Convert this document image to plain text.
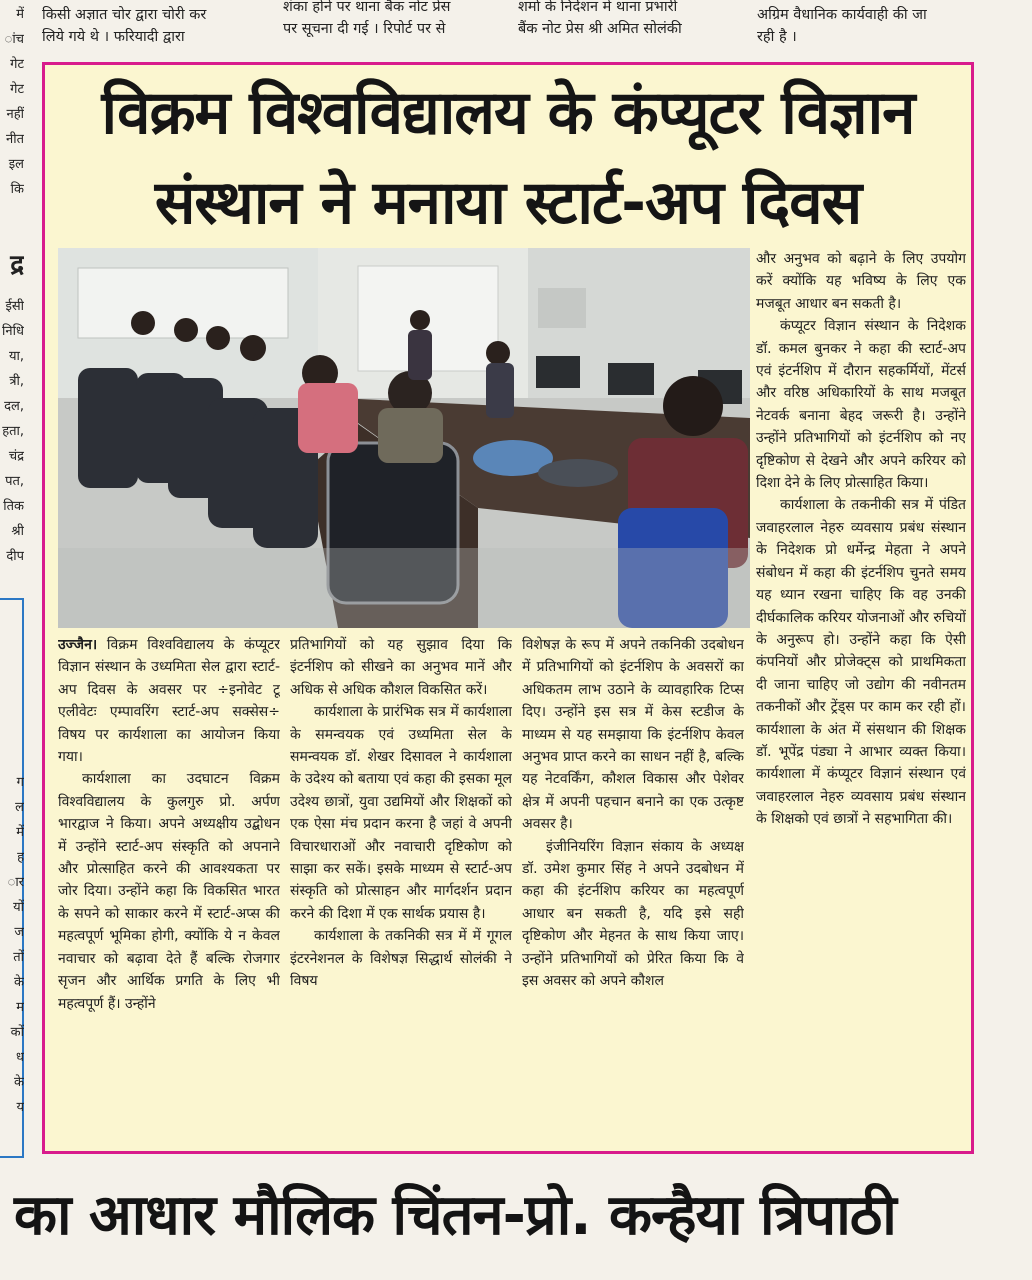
किसी अज्ञात चोर द्वारा चोरी कर
लिये गये थे । फरियादी द्वारा
शंका होने पर थाना बैंक नोट प्रेस
पर सूचना दी गई । रिपोर्ट पर से
शर्मा के निर्देशन में थाना प्रभारी
बैंक नोट प्रेस श्री अमित सोलंकी
अग्रिम वैधानिक कार्यवाही की जा
रही है ।
में
ांच
गेट
गेट
नहीं
नीत
इल
कि
द्र
ईसी
निधि
या,
त्री,
दल,
हता,
चंद्र
पत,
तिक
श्री
दीप
ग
ल
में
ह
ार
यों
ज
तों
के
म
कों
ध
के
य
विक्रम विश्वविद्यालय के कंप्यूटर विज्ञान
संस्थान ने मनाया स्टार्ट-अप दिवस

उज्जैन। विक्रम विश्वविद्यालय के कंप्यूटर विज्ञान संस्थान के उध्यमिता सेल द्वारा स्टार्ट-अप दिवस के अवसर पर ÷इनोवेट टू एलीवेटः एम्पावरिंग स्टार्ट-अप सक्सेस÷ विषय पर कार्यशाला का आयोजन किया गया।

कार्यशाला का उदघाटन विक्रम विश्वविद्यालय के कुलगुरु प्रो. अर्पण भारद्वाज ने किया। अपने अध्यक्षीय उद्बोधन में उन्होंने स्टार्ट-अप संस्कृति को अपनाने और प्रोत्साहित करने की आवश्यकता पर जोर दिया। उन्होंने कहा कि विकसित भारत के सपने को साकार करने में स्टार्ट-अप्स की महत्वपूर्ण भूमिका होगी, क्योंकि ये न केवल नवाचार को बढ़ावा देते हैं बल्कि रोजगार सृजन और आर्थिक प्रगति के लिए भी महत्वपूर्ण हैं। उन्होंने

प्रतिभागियों को यह सुझाव दिया कि इंटर्नशिप को सीखने का अनुभव मानें और अधिक से अधिक कौशल विकसित करें।

कार्यशाला के प्रारंभिक सत्र में कार्यशाला के समन्वयक एवं उध्यमिता सेल के समन्वयक डॉ. शेखर दिसावल ने कार्यशाला के उदेश्य को बताया एवं कहा की इसका मूल उदेश्य छात्रों, युवा उद्यमियों और शिक्षकों को एक ऐसा मंच प्रदान करना है जहां वे अपनी विचारधाराओं और नवाचारी दृष्टिकोण को साझा कर सकें। इसके माध्यम से स्टार्ट-अप संस्कृति को प्रोत्साहन और मार्गदर्शन प्रदान करने की दिशा में एक सार्थक प्रयास है।

कार्यशाला के तकनिकी सत्र में में गूगल इंटरनेशनल के विशेषज्ञ सिद्धार्थ सोलंकी ने विषय

विशेषज्ञ के रूप में अपने तकनिकी उदबोधन में प्रतिभागियों को इंटर्नशिप के अवसरों का अधिकतम लाभ उठाने के व्यावहारिक टिप्स दिए। उन्होंने इस सत्र में केस स्टडीज के माध्यम से यह समझाया कि इंटर्नशिप केवल अनुभव प्राप्त करने का साधन नहीं है, बल्कि यह नेटवर्किंग, कौशल विकास और पेशेवर क्षेत्र में अपनी पहचान बनाने का एक उत्कृष्ट अवसर है।

इंजीनियरिंग विज्ञान संकाय के अध्यक्ष डॉ. उमेश कुमार सिंह ने अपने उदबोधन में कहा की इंटर्नशिप करियर का महत्वपूर्ण आधार बन सकती है, यदि इसे सही दृष्टिकोण और मेहनत के साथ किया जाए। उन्होंने प्रतिभागियों को प्रेरित किया कि वे इस अवसर को अपने कौशल

और अनुभव को बढ़ाने के लिए उपयोग करें क्योंकि यह भविष्य के लिए एक मजबूत आधार बन सकती है।

कंप्यूटर विज्ञान संस्थान के निदेशक डॉ. कमल बुनकर ने कहा की स्टार्ट-अप एवं इंटर्नशिप में दौरान सहकर्मियों, मेंटर्स और वरिष्ठ अधिकारियों के साथ मजबूत नेटवर्क बनाना बेहद जरूरी है। उन्होंने उन्होंने प्रतिभागियों को इंटर्नशिप को नए दृष्टिकोण से देखने और अपने करियर को दिशा देने के लिए प्रोत्साहित किया।

कार्यशाला के तकनीकी सत्र में पंडित जवाहरलाल नेहरु व्यवसाय प्रबंध संस्थान के निदेशक प्रो धर्मेन्द्र मेहता ने अपने संबोधन में कहा की इंटर्नशिप चुनते समय यह ध्यान रखना चाहिए कि वह उनकी दीर्घकालिक करियर योजनाओं और रुचियों के अनुरूप हो। उन्होंने कहा कि ऐसी कंपनियों और प्रोजेक्ट्स को प्राथमिकता दी जाना चाहिए जो उद्योग की नवीनतम तकनीकों और ट्रेंड्स पर काम कर रही हों। कार्यशाला के अंत में संसथान की शिक्षक डॉ. भूपेंद्र पंड्या ने आभार व्यक्त किया। कार्यशाला में कंप्यूटर विज्ञानं संस्थान एवं जवाहरलाल नेहरु व्यवसाय प्रबंध संस्थान के शिक्षको एवं छात्रों ने सहभागिता की।

का आधार मौलिक चिंतन-प्रो. कन्हैया त्रिपाठी
